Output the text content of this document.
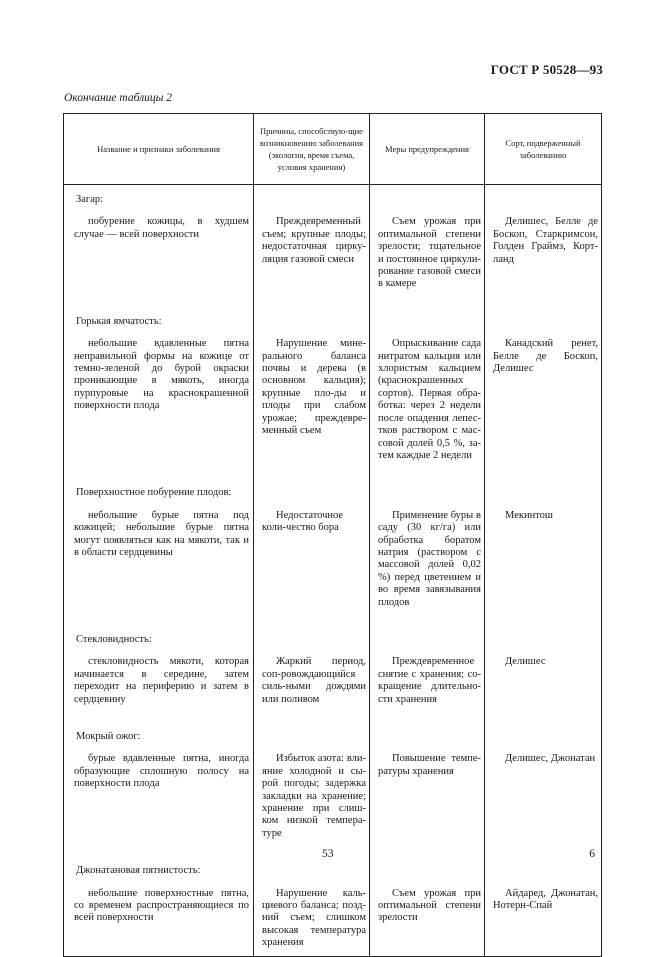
ГОСТ Р 50528—93
Окончание таблицы 2
Название и признаки заболевания	Причины, способствую-щие возникновению заболевания (экология, время съема, условия хранения)	Меры предупреждения	Сорт, подверженный заболеванию
Загар:			

побурение кожицы, в худшем случае — всей поверхности	Преждевременный съем; крупные плоды; недостаточная цирку-ляция газовой смеси	Съем урожая при оптимальной степени зрелости; тщательное и постоянное циркули-рование газовой смеси в камере	Делишес, Белле де Боскоп, Старкримсон, Голден Граймз, Корт-ланд

Горькая ямчатость:			

небольшие вдавленные пятна неправильной формы на кожице от темно-зеленой до бурой окраски проникающие в мякоть, иногда пурпуровые на краснокрашенной поверхности плода	Нарушение мине-рального баланса почвы и дерева (в основном кальция); крупные пло-ды и плоды при слабом урожае; преждевре-менный съем	Опрыскивание сада нитратом кальция или хлористым кальцием (краснокрашенных сортов). Первая обра-ботка: через 2 недели после опадения лепес-тков раствором с мас-совой долей 0,5 %, за-тем каждые 2 недели	Канадский ренет, Белле де Боскоп, Делишес

Поверхностное побурение плодов:			

небольшие бурые пятна под кожицей; небольшие бурые пятна могут появляться как на мякоти, так и в области сердцевины	Недостаточное коли-чество бора	Применение буры в саду (30 кг/га) или обработка боратом натрия (раствором с массовой долей 0,02 %) перед цветением и во время завязывания плодов	Мекинтош

Стекловидность:			

стекловидность мякоти, которая начинается в середине, затем переходит на периферию и затем в сердцевину	Жаркий период, соп-ровождающийся силь-ными дождями или поливом	Преждевременное снятие с хранения; со-кращение длительно-сти хранения	Делишес

Мокрый ожог:			

бурые вдавленные пятна, иногда образующие сплошную полосу на поверхности плода	Избыток азота: вли-яние холодной и сы-рой погоды; задержка закладки на хранение; хранение при слиш-ком низкой темпера-туре	Повышение темпе-ратуры хранения	Делишес, Джонатан

Джонатановая пятнистость:			

небольшие поверхностные пятна, со временем распространяющиеся по всей поверхности	Нарушение каль-циевого баланса; позд-ний съем; слишком высокая температура хранения	Съем урожая при оптимальной степени зрелости	Айдаред, Джонатан, Нотерн-Спай
53	6
